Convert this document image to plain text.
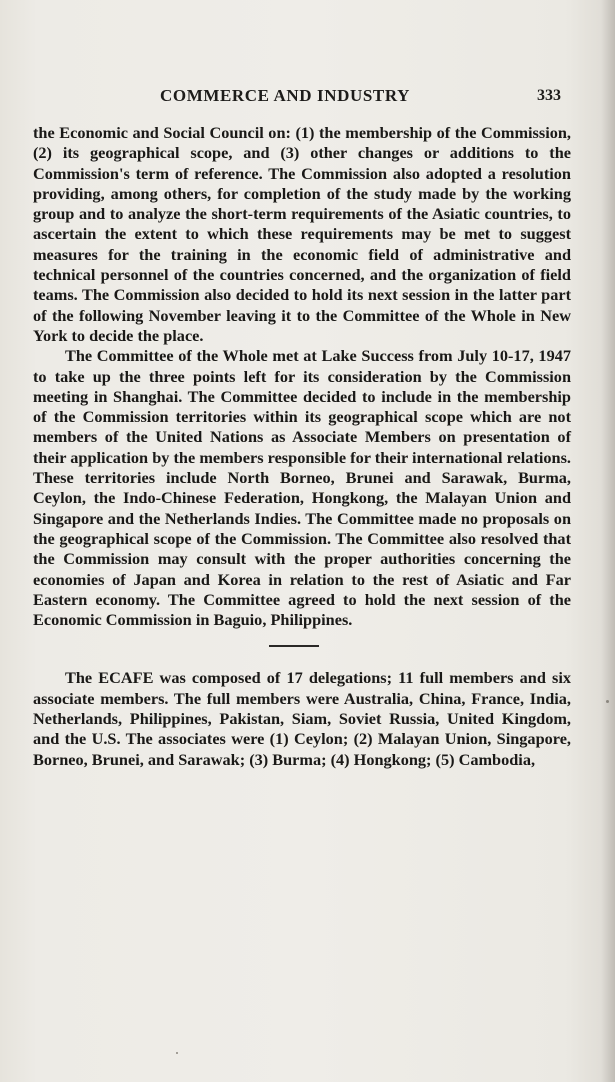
COMMERCE AND INDUSTRY	333

the Economic and Social Council on: (1) the membership of the Commission, (2) its geographical scope, and (3) other changes or additions to the Commission's term of reference. The Commission also adopted a resolution providing, among others, for completion of the study made by the working group and to analyze the short-term requirements of the Asiatic countries, to ascertain the extent to which these requirements may be met to suggest measures for the training in the economic field of administrative and technical personnel of the countries concerned, and the organization of field teams. The Commission also decided to hold its next session in the latter part of the following November leaving it to the Committee of the Whole in New York to decide the place.

The Committee of the Whole met at Lake Success from July 10-17, 1947 to take up the three points left for its consideration by the Commission meeting in Shanghai. The Committee decided to include in the membership of the Commission territories within its geographical scope which are not members of the United Nations as Associate Members on presentation of their application by the members responsible for their international relations. These territories include North Borneo, Brunei and Sarawak, Burma, Ceylon, the Indo-Chinese Federation, Hongkong, the Malayan Union and Singapore and the Netherlands Indies. The Committee made no proposals on the geographical scope of the Commission. The Committee also resolved that the Commission may consult with the proper authorities concerning the economies of Japan and Korea in relation to the rest of Asiatic and Far Eastern economy. The Committee agreed to hold the next session of the Economic Commission in Baguio, Philippines.

The ECAFE was composed of 17 delegations; 11 full members and six associate members. The full members were Australia, China, France, India, Netherlands, Philippines, Pakistan, Siam, Soviet Russia, United Kingdom, and the U.S. The associates were (1) Ceylon; (2) Malayan Union, Singapore, Borneo, Brunei, and Sarawak; (3) Burma; (4) Hongkong; (5) Cambodia,
